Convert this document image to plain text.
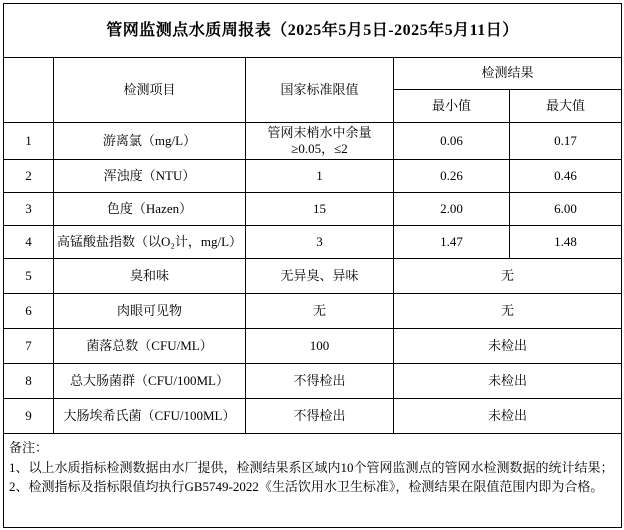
管网监测点水质周报表（2025年5月5日-2025年5月11日）				
	检测项目	国家标准限值	检测结果	
			最小值	最大值
1	游离氯（mg/L）	管网末梢水中余量≥0.05，≤2	0.06	0.17
2	浑浊度（NTU）	1	0.26	0.46
3	色度（Hazen）	15	2.00	6.00
4	高锰酸盐指数（以O₂计，mg/L）	3	1.47	1.48
5	臭和味	无异臭、异味	无	
6	肉眼可见物	无	无	
7	菌落总数（CFU/ML）	100	未检出	
8	总大肠菌群（CFU/100ML）	不得检出	未检出	
9	大肠埃希氏菌（CFU/100ML）	不得检出	未检出	

备注：
1、以上水质指标检测数据由水厂提供，检测结果系区域内10个管网监测点的管网水检测数据的统计结果；
2、检测指标及指标限值均执行GB5749-2022《生活饮用水卫生标准》，检测结果在限值范围内即为合格。				
